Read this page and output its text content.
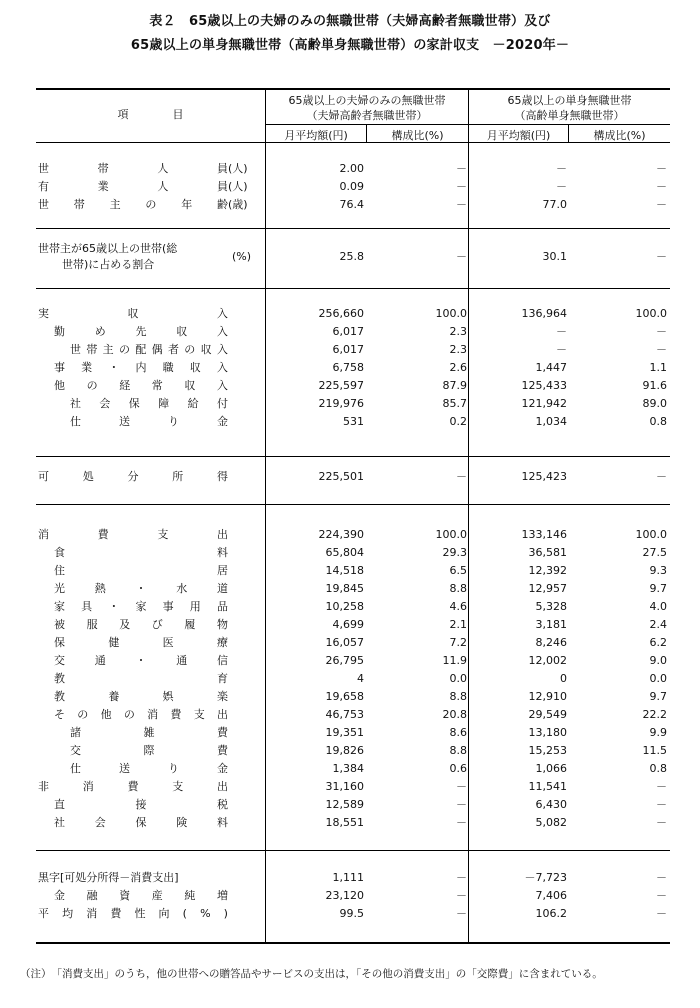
表２　65歳以上の夫婦のみの無職世帯（夫婦高齢者無職世帯）及び
65歳以上の単身無職世帯（高齢単身無職世帯）の家計収支　－2020年－
項　　　　目
65歳以上の夫婦のみの無職世帯
（夫婦高齢者無職世帯）
65歳以上の単身無職世帯
（高齢単身無職世帯）
月平均額(円)	構成比(%)	月平均額(円)	構成比(%)
世	帯	人	員 (人)	2.00	－	－	－
有	業	人	員 (人)	0.09	－	－	－
世 帯 主 の 年 齢 (歳)	76.4	－	77.0	－
世帯)に占める割合
世帯主が65歳以上の世帯(総
(%)	25.8	－	30.1	－
実	収	入	256,660	100.0	136,964	100.0
勤	め	先	収	入	6,017	2.3	－	－
世 帯 主 の 配 偶 者 の 収 入	6,017	2.3	－	－
事 業 ・ 内 職 収 入	6,758	2.6	1,447	1.1
他 の 経 常 収 入	225,597	87.9	125,433	91.6
社 会 保 障 給 付	219,976	85.7	121,942	89.0
仕	送	り	金	531	0.2	1,034	0.8
可	処	分	所	得	225,501	－	125,423	－
消	費	支	出	224,390	100.0	133,146	100.0
食	料	65,804	29.3	36,581	27.5
住	居	14,518	6.5	12,392	9.3
光	熱	・	水	道	19,845	8.8	12,957	9.7
家 具 ・ 家 事 用 品	10,258	4.6	5,328	4.0
被 服 及 び 履 物	4,699	2.1	3,181	2.4
保	健	医	療	16,057	7.2	8,246	6.2
交	通	・	通	信	26,795	11.9	12,002	9.0
教	育	4	0.0	0	0.0
教	養	娯	楽	19,658	8.8	12,910	9.7
そ の 他 の 消 費 支 出	46,753	20.8	29,549	22.2
諸	雑	費	19,351	8.6	13,180	9.9
交	際	費	19,826	8.8	15,253	11.5
仕	送	り	金	1,384	0.6	1,066	0.8
非	消	費	支	出	31,160	－	11,541	－
直	接	税	12,589	－	6,430	－
社	会	保	険	料	18,551	－	5,082	－
黒字[可処分所得－消費支出]	1,111	－	－7,723	－
金 融 資 産 純 増	23,120	－	7,406	－
平 均 消 費 性 向 ( % )	99.5	－	106.2	－
（注）　「消費支出」のうち，他の世帯への贈答品やサービスの支出は，「その他の消費支出」の「交際費」に含まれている。
